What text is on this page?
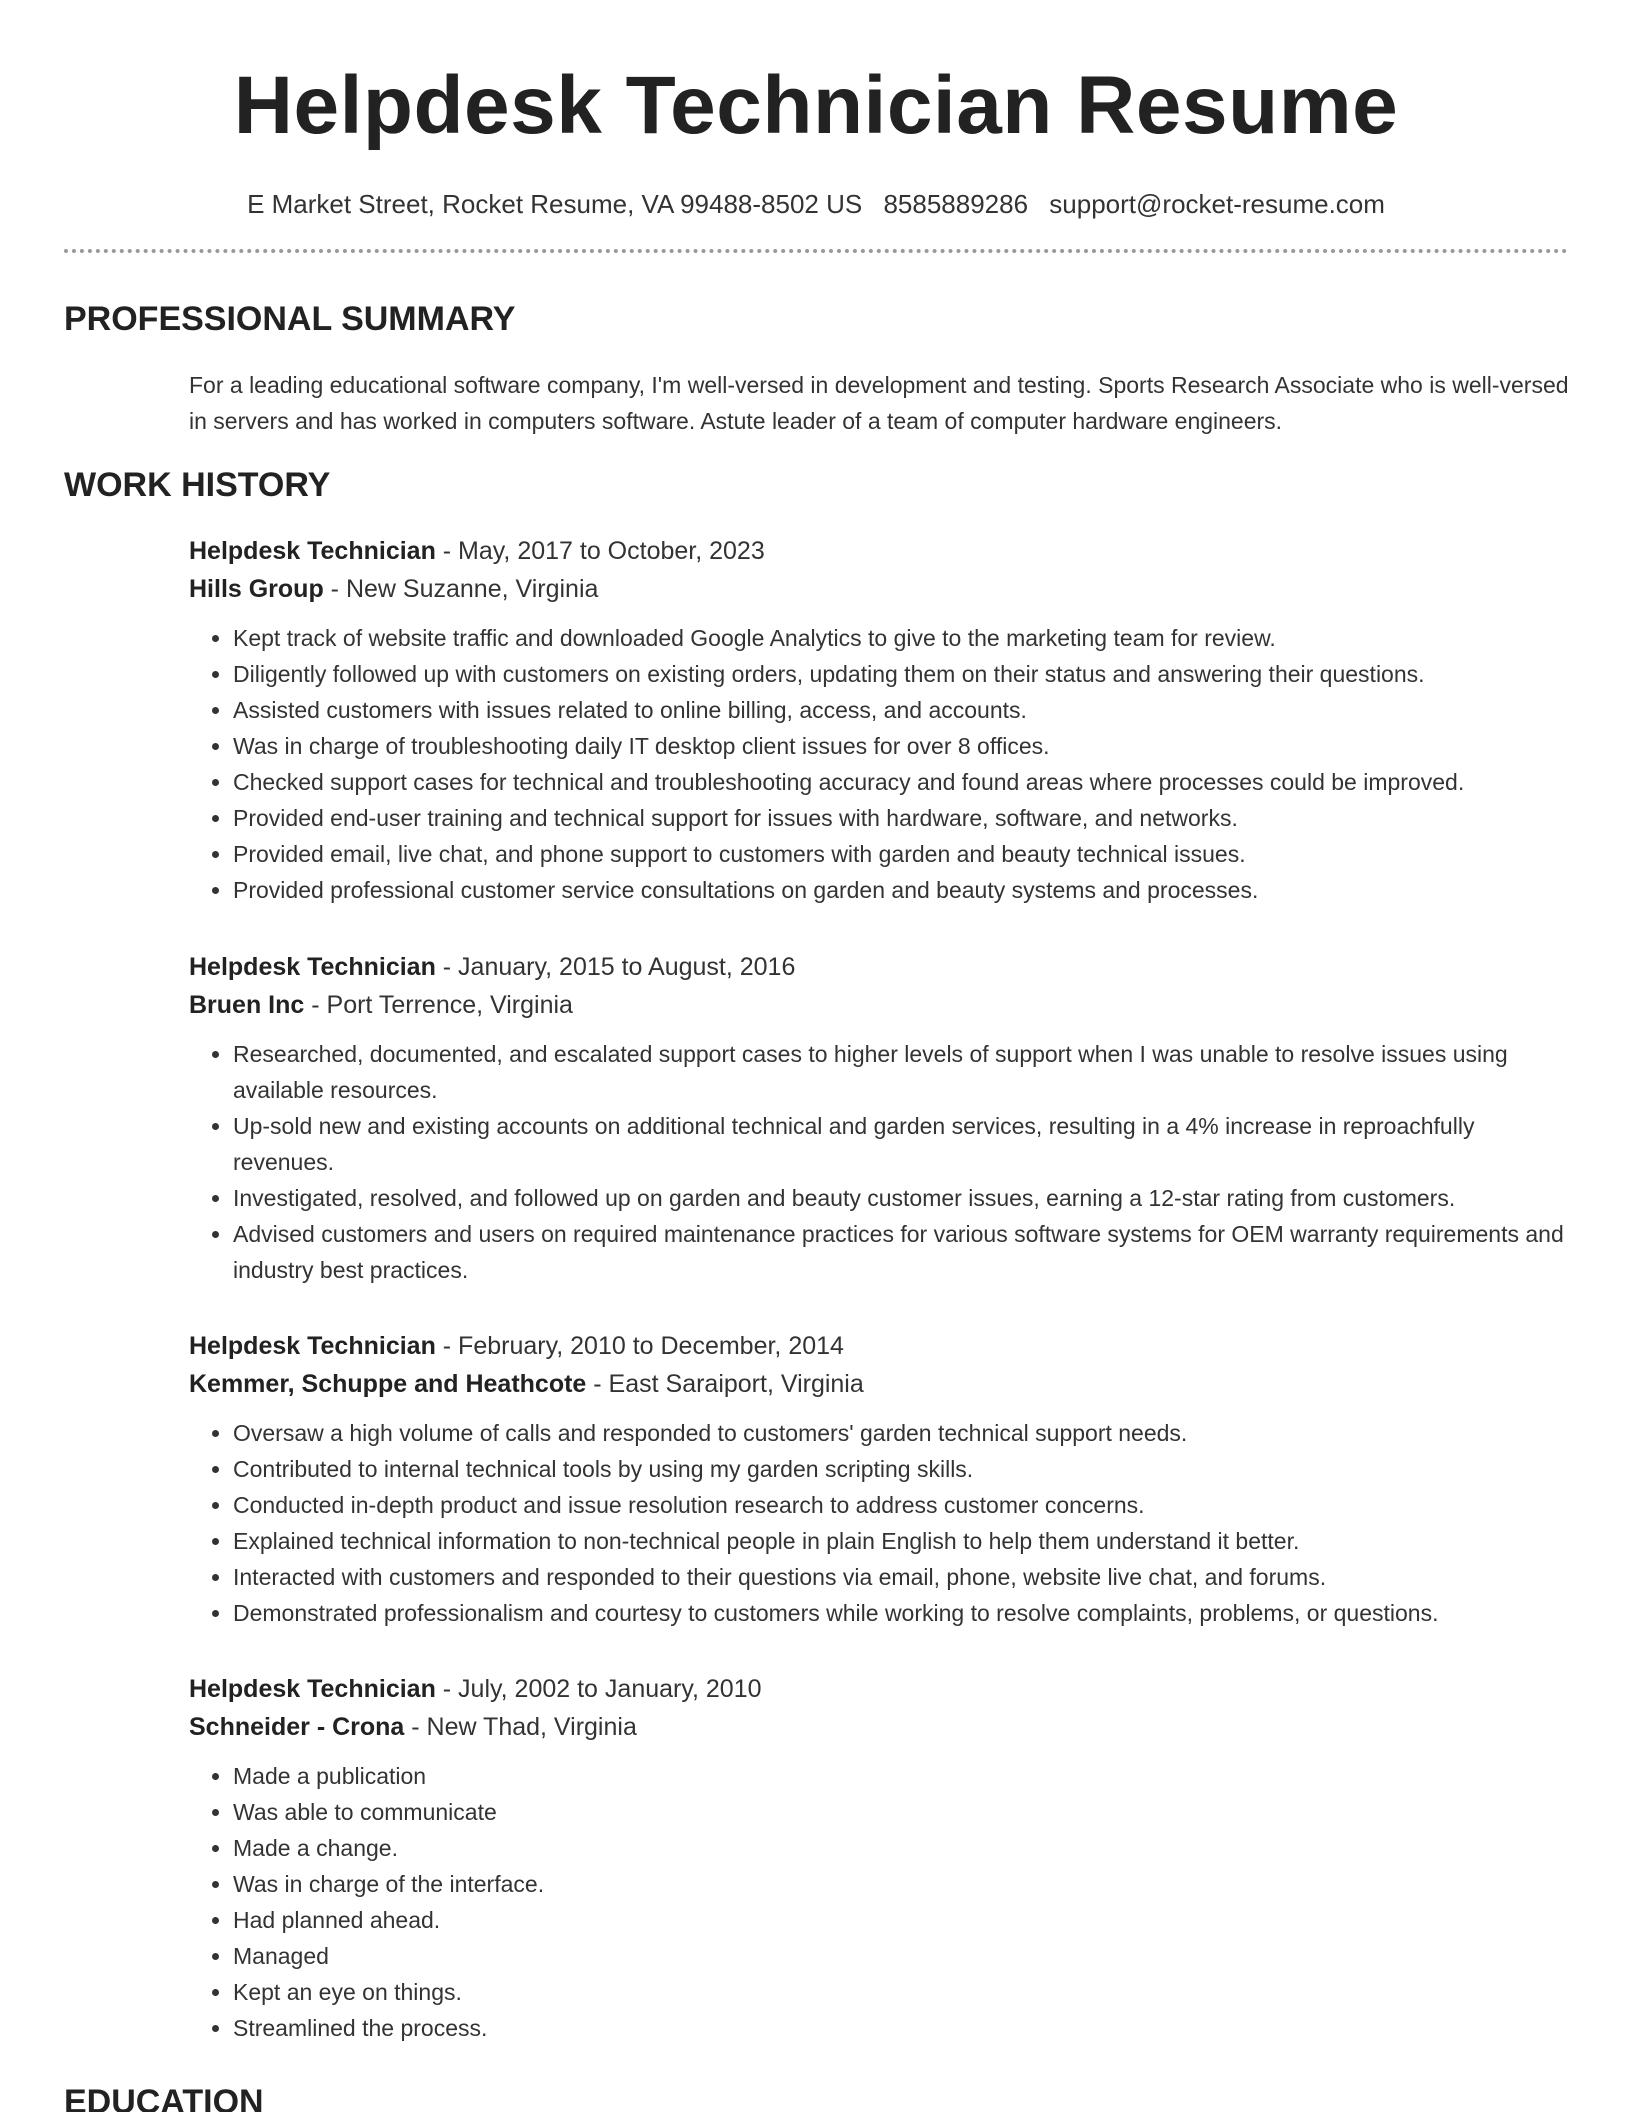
Helpdesk Technician Resume
E Market Street, Rocket Resume, VA 99488-8502 US 8585889286 support@rocket-resume.com
PROFESSIONAL SUMMARY

For a leading educational software company, I'm well-versed in development and testing. Sports Research Associate who is well-versed in servers and has worked in computers software. Astute leader of a team of computer hardware engineers.

WORK HISTORY

Helpdesk Technician - May, 2017 to October, 2023

Hills Group - New Suzanne, Virginia

• Kept track of website traffic and downloaded Google Analytics to give to the marketing team for review.
• Diligently followed up with customers on existing orders, updating them on their status and answering their questions.
• Assisted customers with issues related to online billing, access, and accounts.
• Was in charge of troubleshooting daily IT desktop client issues for over 8 offices.
• Checked support cases for technical and troubleshooting accuracy and found areas where processes could be improved.
• Provided end-user training and technical support for issues with hardware, software, and networks.
• Provided email, live chat, and phone support to customers with garden and beauty technical issues.
• Provided professional customer service consultations on garden and beauty systems and processes.

Helpdesk Technician - January, 2015 to August, 2016

Bruen Inc - Port Terrence, Virginia

• Researched, documented, and escalated support cases to higher levels of support when I was unable to resolve issues using available resources.
• Up-sold new and existing accounts on additional technical and garden services, resulting in a 4% increase in reproachfully revenues.
• Investigated, resolved, and followed up on garden and beauty customer issues, earning a 12-star rating from customers.
• Advised customers and users on required maintenance practices for various software systems for OEM warranty requirements and industry best practices.

Helpdesk Technician - February, 2010 to December, 2014

Kemmer, Schuppe and Heathcote - East Saraiport, Virginia

• Oversaw a high volume of calls and responded to customers' garden technical support needs.
• Contributed to internal technical tools by using my garden scripting skills.
• Conducted in-depth product and issue resolution research to address customer concerns.
• Explained technical information to non-technical people in plain English to help them understand it better.
• Interacted with customers and responded to their questions via email, phone, website live chat, and forums.
• Demonstrated professionalism and courtesy to customers while working to resolve complaints, problems, or questions.

Helpdesk Technician - July, 2002 to January, 2010

Schneider - Crona - New Thad, Virginia

• Made a publication
• Was able to communicate
• Made a change.
• Was in charge of the interface.
• Had planned ahead.
• Managed
• Kept an eye on things.
• Streamlined the process.
EDUCATION
